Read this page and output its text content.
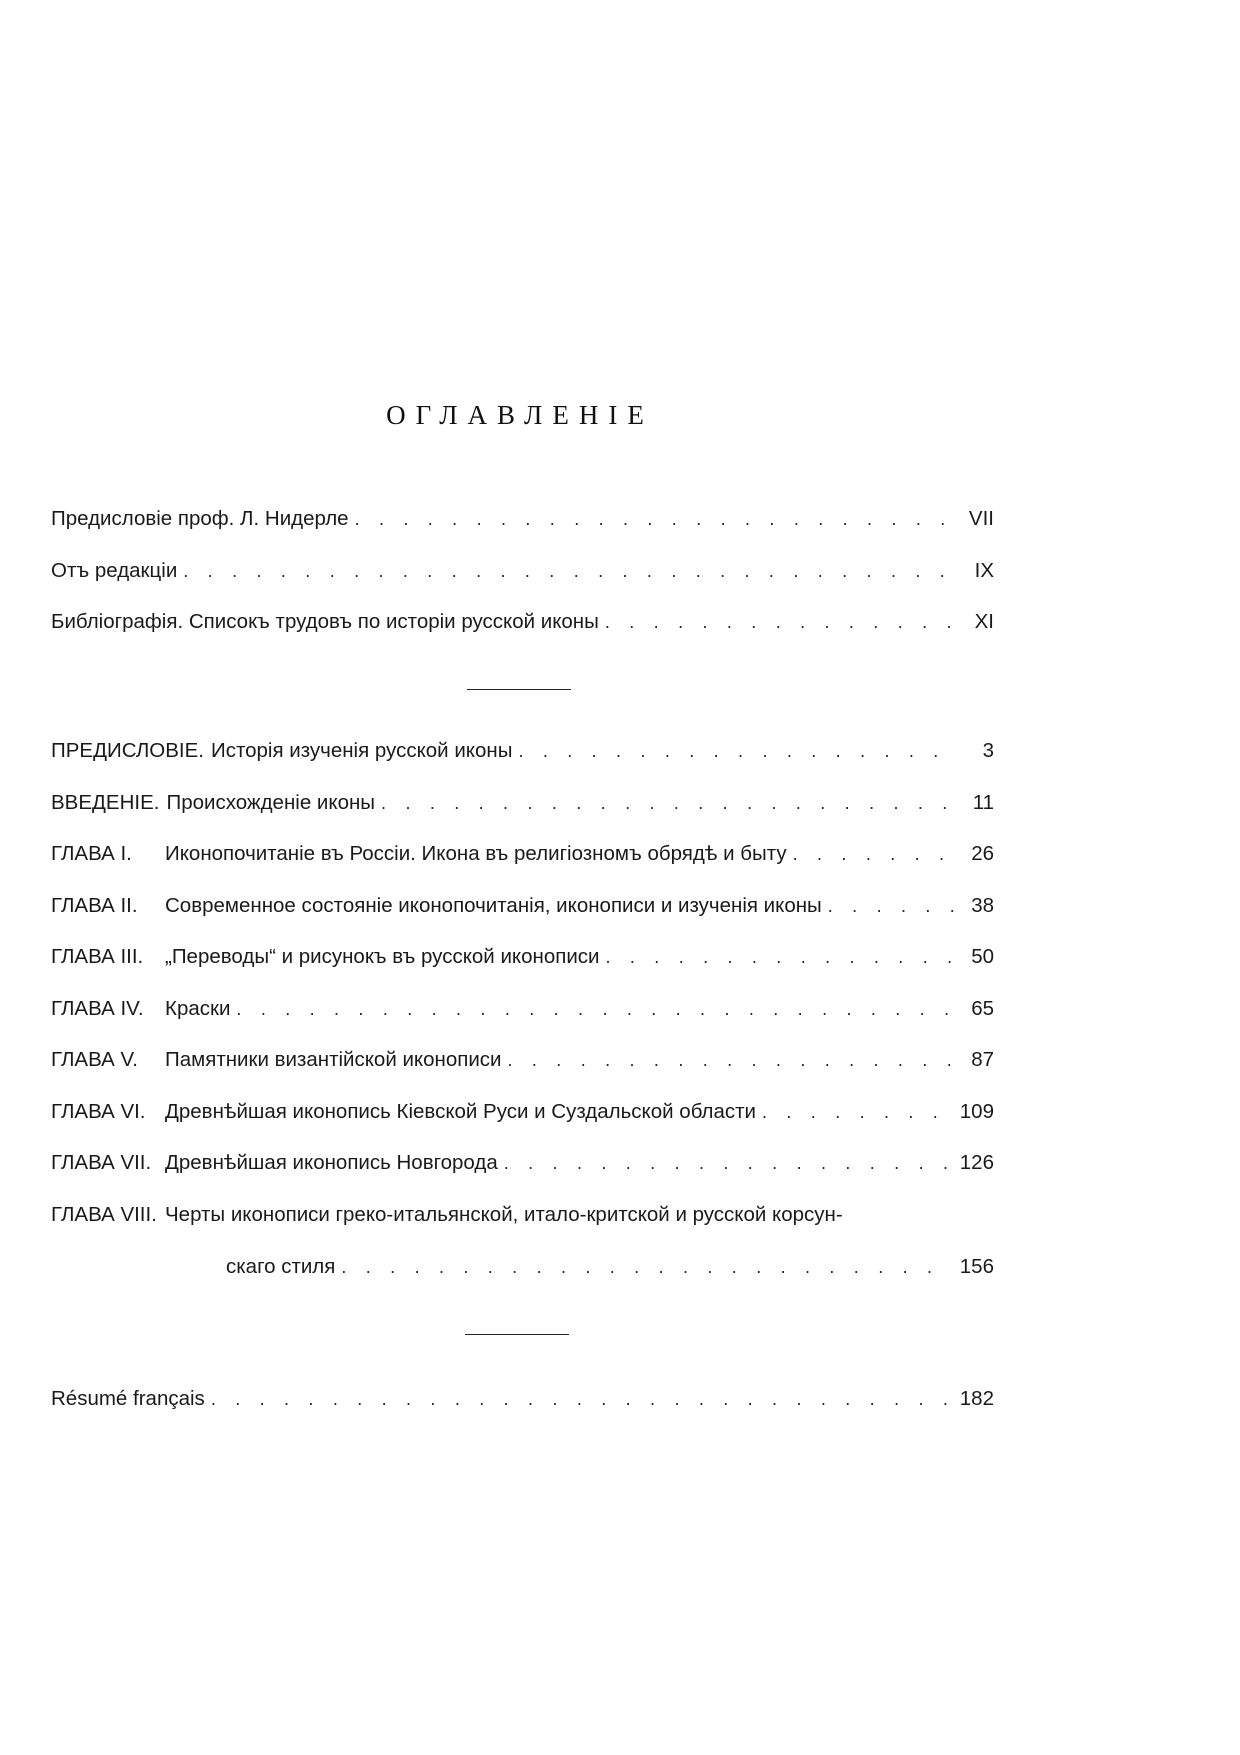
ОГЛАВЛЕНІЕ
Предисловіе проф. Л. Нидерле . . .	VII
Отъ редакціи . . .	IX
Библіографія. Списокъ трудовъ по исторіи русской иконы . . .	XI
ПРЕДИСЛОВІЕ. Исторія изученія русской иконы . . .	3
ВВЕДЕНІЕ. Происхожденіе иконы . . .	11
ГЛАВА I.	Иконопочитаніе въ Россіи. Икона въ религіозномъ обрядѣ и быту . . .	26
ГЛАВА II.	Современное состояніе иконопочитанія, иконописи и изученія иконы . . .	38
ГЛАВА III.	„Переводы“ и рисунокъ въ русской иконописи . . .	50
ГЛАВА IV.	Краски . . .	65
ГЛАВА V.	Памятники византійской иконописи . . .	87
ГЛАВА VI. Древнѣйшая иконопись Кіевской Руси и Суздальской области . . .	109
ГЛАВА VII. Древнѣйшая иконопись Новгорода . . .	126
ГЛАВА VIII. Черты иконописи греко-итальянской, итало-критской и русской корсун-
скаго стиля . . .	156
Résumé français . . .	182
